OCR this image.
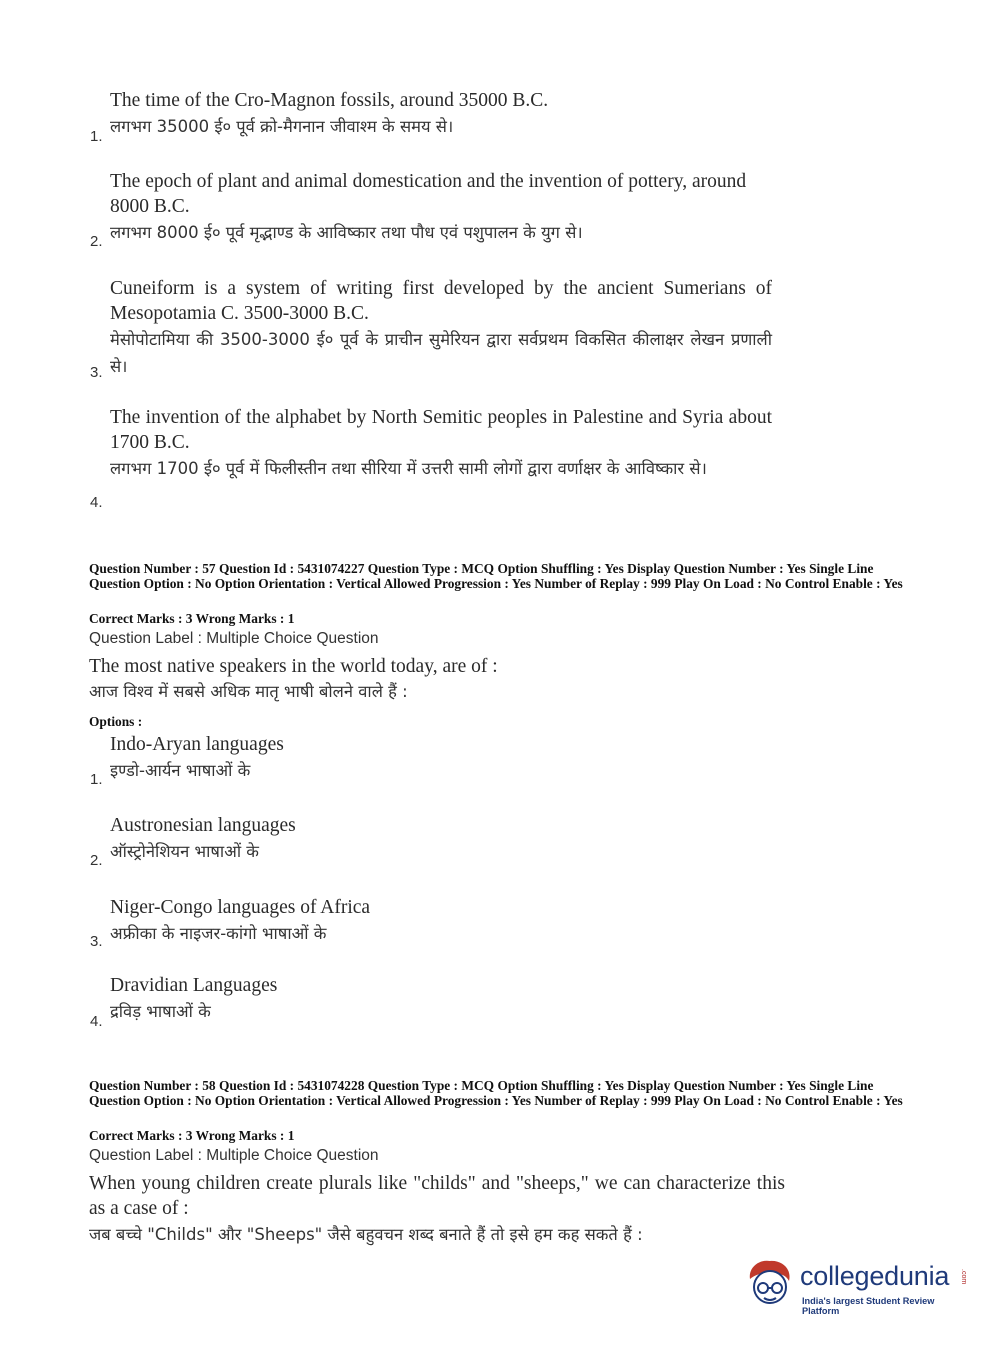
The time of the Cro-Magnon fossils, around 35000 B.C.
लगभग 35000 ई० पूर्व क्रो-मैगनान जीवाश्म के समय से।
1.
The epoch of plant and animal domestication and the invention of pottery, around 8000 B.C.
लगभग 8000 ई० पूर्व मृद्भाण्ड के आविष्कार तथा पौध एवं पशुपालन के युग से।
2.
Cuneiform is a system of writing first developed by the ancient Sumerians of Mesopotamia C. 3500-3000 B.C.
मेसोपोटामिया की 3500-3000 ई० पूर्व के प्राचीन सुमेरियन द्वारा सर्वप्रथम विकसित कीलाक्षर लेखन प्रणाली से।
3.
The invention of the alphabet by North Semitic peoples in Palestine and Syria about 1700 B.C.
लगभग 1700 ई० पूर्व में फिलीस्तीन तथा सीरिया में उत्तरी सामी लोगों द्वारा वर्णाक्षर के आविष्कार से।
4.
Question Number : 57 Question Id : 5431074227 Question Type : MCQ Option Shuffling : Yes Display Question Number : Yes Single Line Question Option : No Option Orientation : Vertical Allowed Progression : Yes Number of Replay : 999 Play On Load : No Control Enable : Yes
Correct Marks : 3 Wrong Marks : 1
Question Label : Multiple Choice Question
The most native speakers in the world today, are of :
आज विश्व में सबसे अधिक मातृ भाषी बोलने वाले हैं :
Options :
Indo-Aryan languages
इण्डो-आर्यन भाषाओं के
1.
Austronesian languages
ऑस्ट्रोनेशियन भाषाओं के
2.
Niger-Congo languages of Africa
अफ्रीका के नाइजर-कांगो भाषाओं के
3.
Dravidian Languages
द्रविड़ भाषाओं के
4.
Question Number : 58 Question Id : 5431074228 Question Type : MCQ Option Shuffling : Yes Display Question Number : Yes Single Line Question Option : No Option Orientation : Vertical Allowed Progression : Yes Number of Replay : 999 Play On Load : No Control Enable : Yes
Correct Marks : 3 Wrong Marks : 1
Question Label : Multiple Choice Question
When young children create plurals like "childs" and "sheeps," we can characterize this as a case of :
जब बच्चे "Childs" और "Sheeps" जैसे बहुवचन शब्द बनाते हैं तो इसे हम कह सकते हैं :
collegedunia .com
India's largest Student Review Platform
